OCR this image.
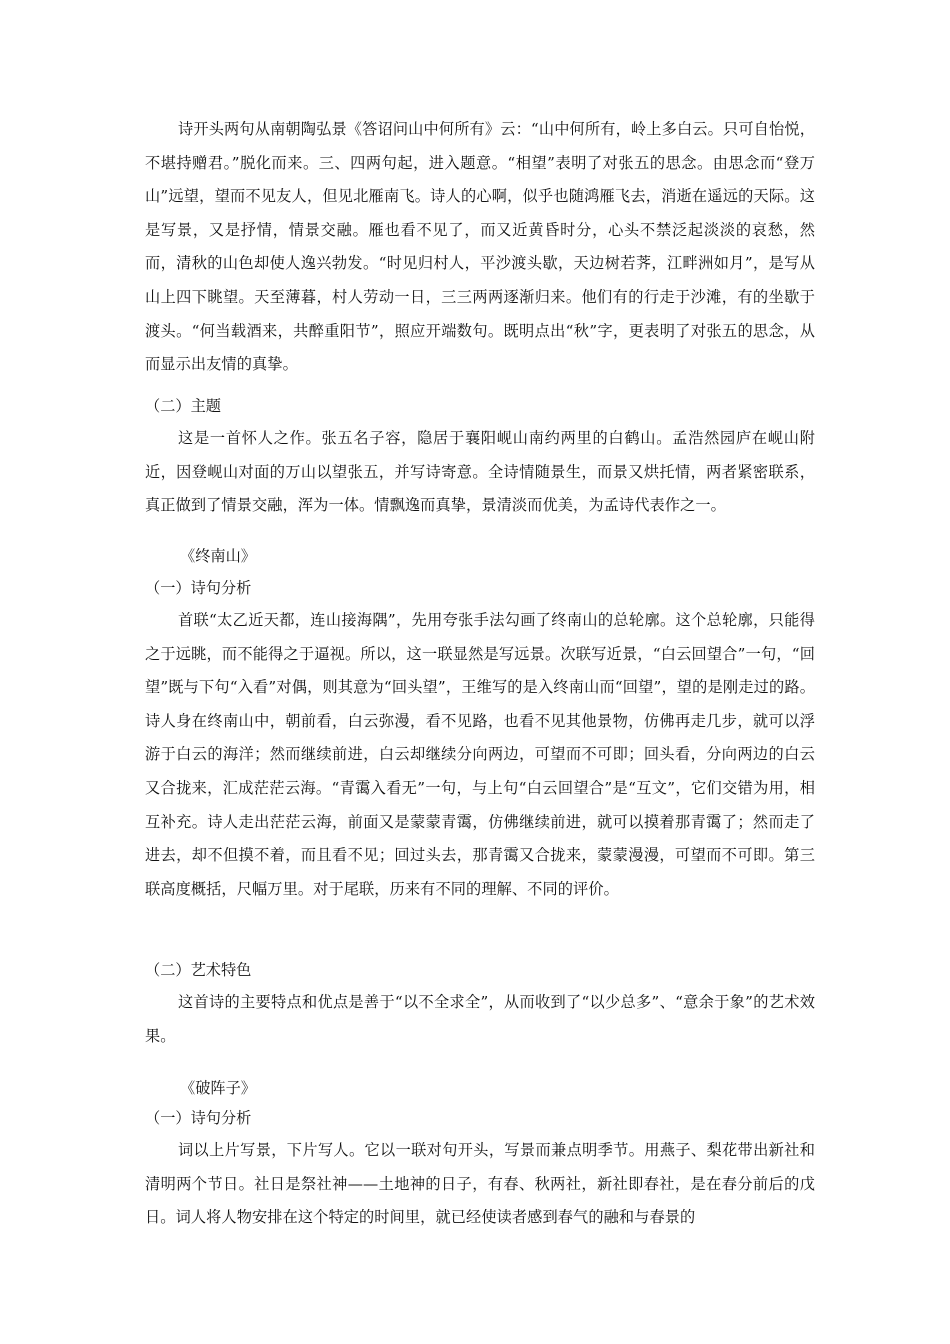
诗开头两句从南朝陶弘景《答诏问山中何所有》云：“山中何所有，岭上多白云。只可自怡悦，不堪持赠君。”脱化而来。三、四两句起，进入题意。“相望”表明了对张五的思念。由思念而“登万山”远望，望而不见友人，但见北雁南飞。诗人的心啊，似乎也随鸿雁飞去，消逝在遥远的天际。这是写景，又是抒情，情景交融。雁也看不见了，而又近黄昏时分，心头不禁泛起淡淡的哀愁，然而，清秋的山色却使人逸兴勃发。“时见归村人，平沙渡头歇，天边树若荠，江畔洲如月”，是写从山上四下眺望。天至薄暮，村人劳动一日，三三两两逐渐归来。他们有的行走于沙滩，有的坐歇于渡头。“何当载酒来，共醉重阳节”，照应开端数句。既明点出“秋”字，更表明了对张五的思念，从而显示出友情的真挚。

（二）主题

这是一首怀人之作。张五名子容，隐居于襄阳岘山南约两里的白鹤山。孟浩然园庐在岘山附近，因登岘山对面的万山以望张五，并写诗寄意。全诗情随景生，而景又烘托情，两者紧密联系，真正做到了情景交融，浑为一体。情飘逸而真挚，景清淡而优美，为孟诗代表作之一。

《终南山》

（一）诗句分析

首联“太乙近天都，连山接海隅”，先用夸张手法勾画了终南山的总轮廓。这个总轮廓，只能得之于远眺，而不能得之于逼视。所以，这一联显然是写远景。次联写近景，“白云回望合”一句，“回望”既与下句“入看”对偶，则其意为“回头望”，王维写的是入终南山而“回望”，望的是刚走过的路。诗人身在终南山中，朝前看，白云弥漫，看不见路，也看不见其他景物，仿佛再走几步，就可以浮游于白云的海洋；然而继续前进，白云却继续分向两边，可望而不可即；回头看，分向两边的白云又合拢来，汇成茫茫云海。“青霭入看无”一句，与上句“白云回望合”是“互文”，它们交错为用，相互补充。诗人走出茫茫云海，前面又是蒙蒙青霭，仿佛继续前进，就可以摸着那青霭了；然而走了进去，却不但摸不着，而且看不见；回过头去，那青霭又合拢来，蒙蒙漫漫，可望而不可即。第三联高度概括，尺幅万里。对于尾联，历来有不同的理解、不同的评价。

（二）艺术特色

这首诗的主要特点和优点是善于“以不全求全”，从而收到了“以少总多”、“意余于象”的艺术效果。

《破阵子》

（一）诗句分析

词以上片写景，下片写人。它以一联对句开头，写景而兼点明季节。用燕子、梨花带出新社和清明两个节日。社日是祭社神——土地神的日子，有春、秋两社，新社即春社，是在春分前后的戊日。词人将人物安排在这个特定的时间里，就已经使读者感到春气的融和与春景的
